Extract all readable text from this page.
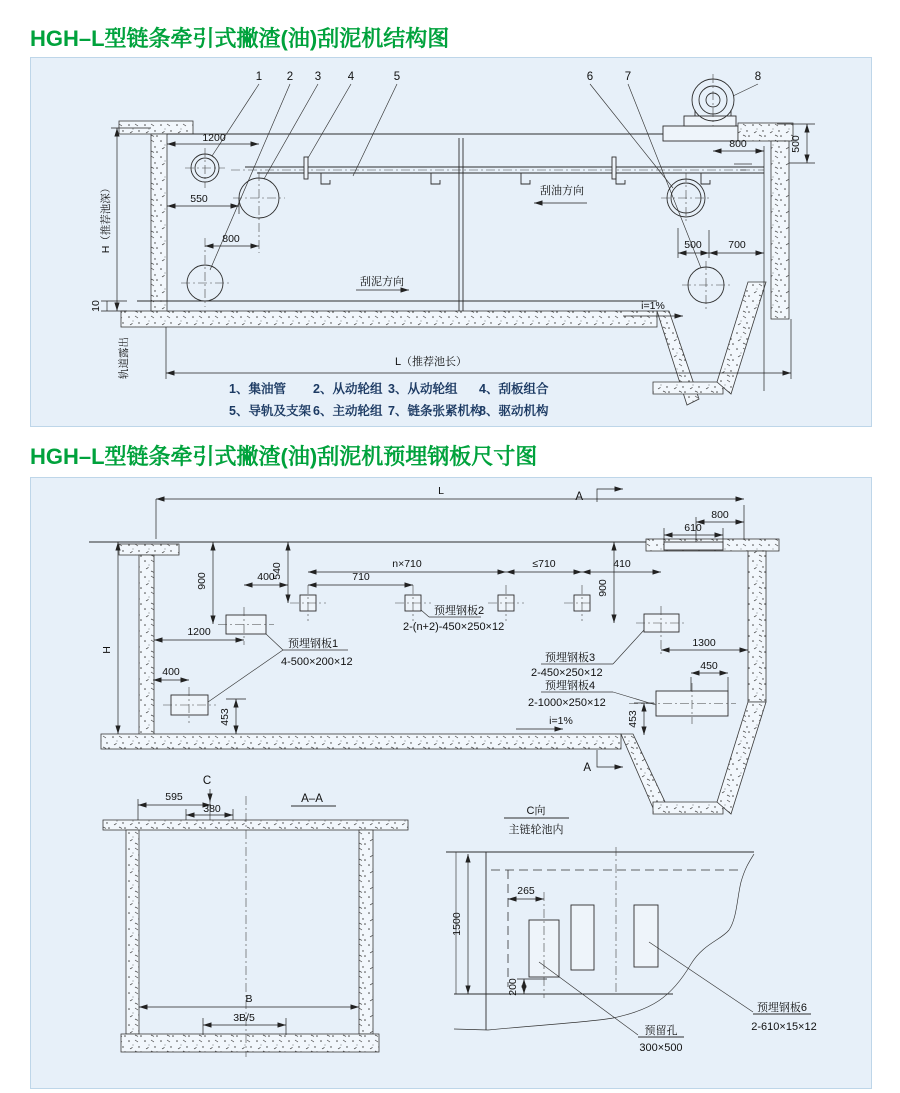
HGH–L型链条牵引式撇渣(油)刮泥机结构图
1 2 3 4	5	6	7	8
1200
550
800
800	500
500	700
H（推荐池深）
10
轨道露出	L（推荐池长）
i=1%
刮油方向
刮泥方向
1、集油管 2、从动轮组 3、从动轮组 4、刮板组合
5、导轨及支架 6、主动轮组 7、链条张紧机构
8、驱动机构
HGH–L型链条牵引式撇渣(油)刮泥机预埋钢板尺寸图
L	A
H
800
610
900
540
400	710
n×710	≤710	410
900
1200
1300
450
400
453	453
i=1%
A
预埋钢板1
4-500×200×12
预埋钢板2
2-(n+2)-450×250×12
预埋钢板3
2-450×250×12
预埋钢板4
2-1000×250×12
C
595
380
A–A
B
3B/5
C向
主链轮池内
1500
265
200
预留孔
300×500
预埋钢板6
2-610×15×12
